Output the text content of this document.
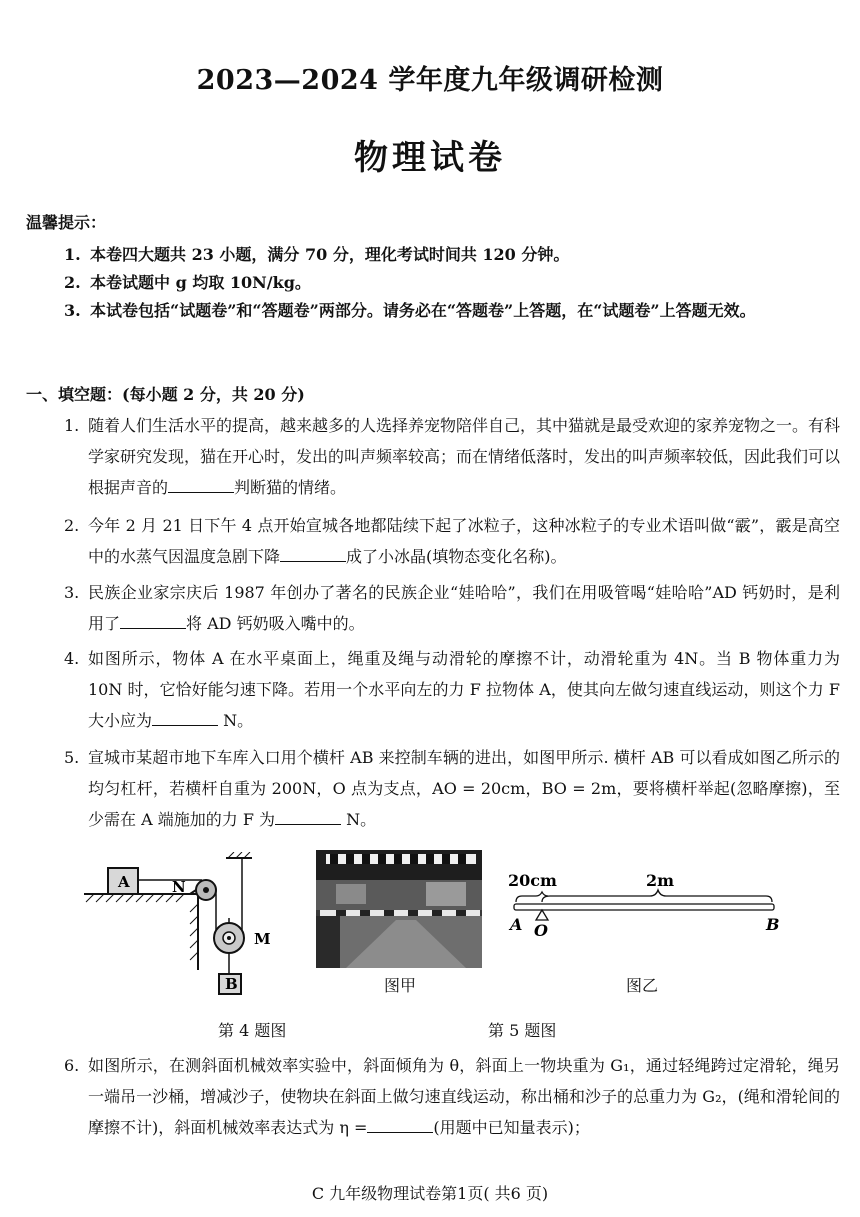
2023—2024 学年度九年级调研检测
物理试卷
温馨提示：
1. 本卷四大题共 23 小题，满分 70 分，理化考试时间共 120 分钟。
2. 本卷试题中 g 均取 10N/kg。
3. 本试卷包括“试题卷”和“答题卷”两部分。请务必在“答题卷”上答题，在“试题卷”上答题无效。
一、填空题：(每小题 2 分，共 20 分)
1. 随着人们生活水平的提高，越来越多的人选择养宠物陪伴自己，其中猫就是最受欢迎的家养宠物之一。有科学家研究发现，猫在开心时，发出的叫声频率较高；而在情绪低落时，发出的叫声频率较低，因此我们可以根据声音的	判断猫的情绪。
2. 今年 2 月 21 日下午 4 点开始宣城各地都陆续下起了冰粒子，这种冰粒子的专业术语叫做“霰”，霰是高空中的水蒸气因温度急剧下降	成了小冰晶(填物态变化名称)。
3. 民族企业家宗庆后 1987 年创办了著名的民族企业“娃哈哈”，我们在用吸管喝“娃哈哈”AD 钙奶时，是利用了	将 AD 钙奶吸入嘴中的。
4. 如图所示，物体 A 在水平桌面上，绳重及绳与动滑轮的摩擦不计，动滑轮重为 4N。当 B 物体重力为 10N 时，它恰好能匀速下降。若用一个水平向左的力 F 拉物体 A，使其向左做匀速直线运动，则这个力 F 大小应为	N。
5. 宣城市某超市地下车库入口用个横杆 AB 来控制车辆的进出，如图甲所示. 横杆 AB 可以看成如图乙所示的均匀杠杆，若横杆自重为 200N，O 点为支点，AO = 20cm，BO = 2m，要将横杆举起(忽略摩擦)，至少需在 A 端施加的力 F 为	N。
A	N
M
B	图甲
20cm	2m
A O	B
图乙
第 4 题图	第 5 题图
6. 如图所示，在测斜面机械效率实验中，斜面倾角为 θ，斜面上一物块重为 G₁，通过轻绳跨过定滑轮，绳另一端吊一沙桶，增减沙子，使物块在斜面上做匀速直线运动，称出桶和沙子的总重力为 G₂，(绳和滑轮间的摩擦不计)，斜面机械效率表达式为 η =	(用题中已知量表示)；
C 九年级物理试卷第1页( 共6 页)
